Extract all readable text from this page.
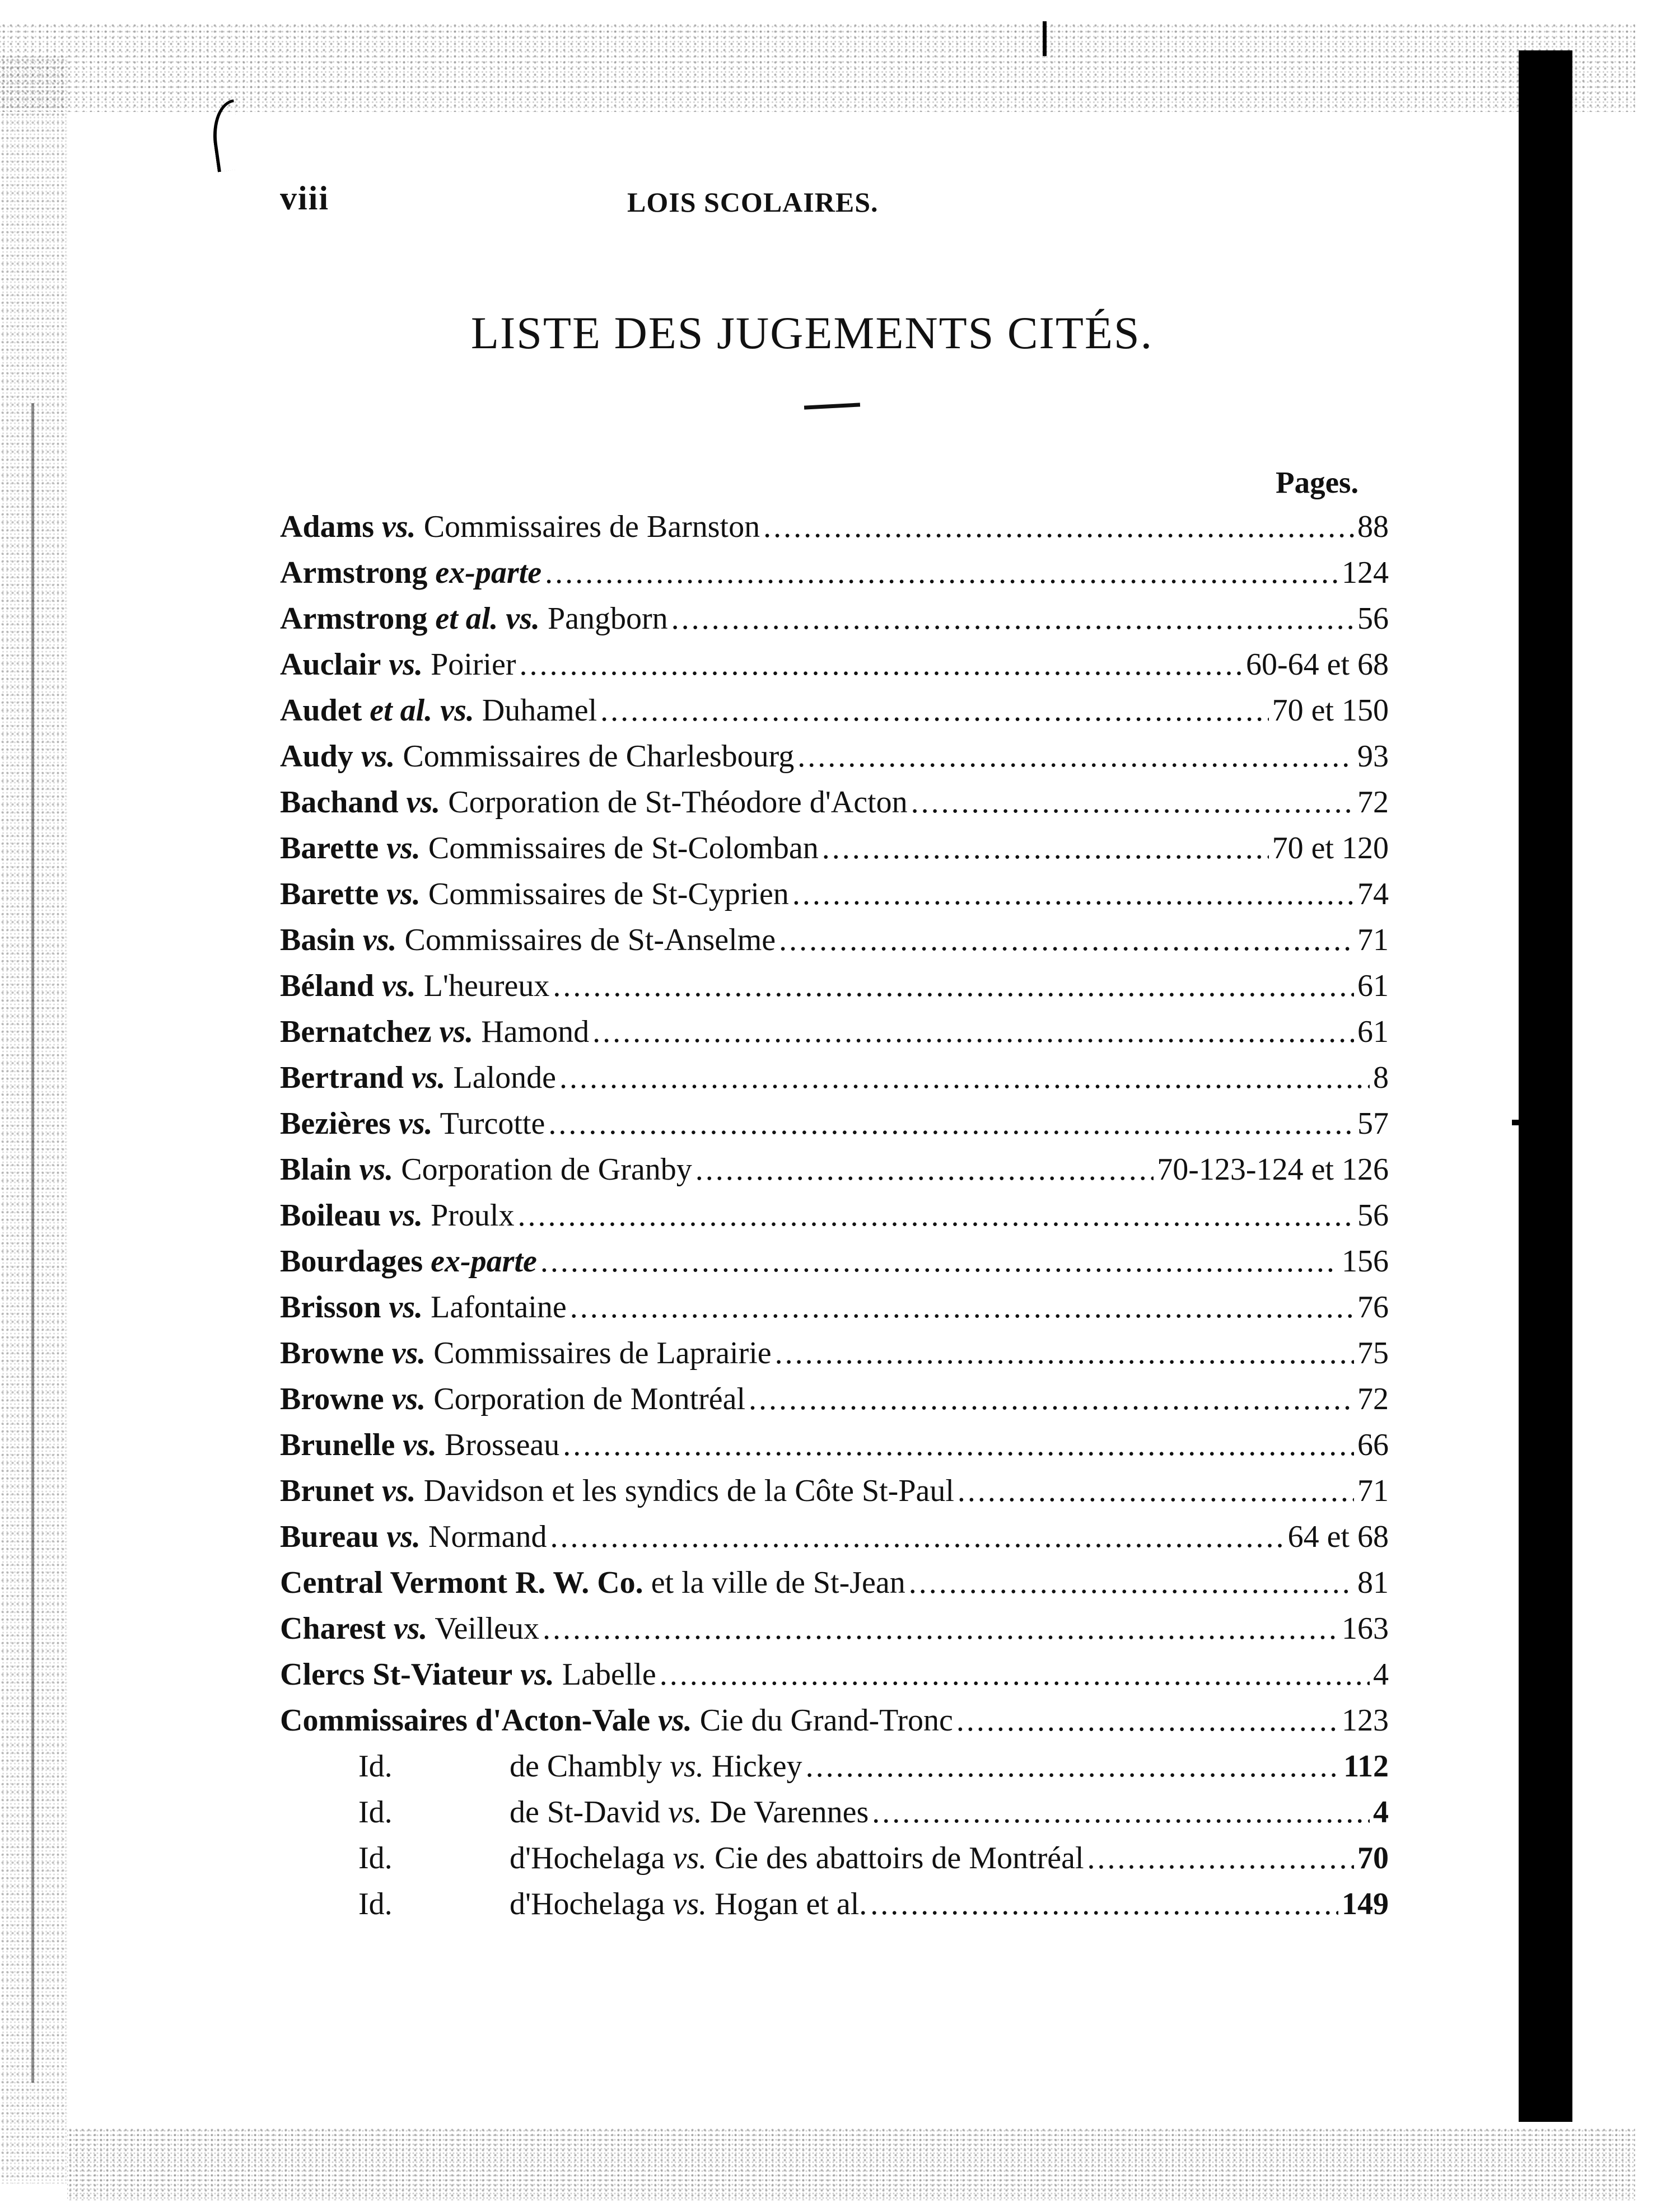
viii	LOIS SCOLAIRES.
LISTE DES JUGEMENTS CITÉS.
Pages.
Adams vs. Commissaires de Barnston .....	88
Armstrong ex-parte .....	124
Armstrong et al. vs. Pangborn .....	56
Auclair vs. Poirier .....	60-64 et 68
Audet et al. vs. Duhamel .....	70 et 150
Audy vs. Commissaires de Charlesbourg .....	93
Bachand vs. Corporation de St-Théodore d'Acton .....	72
Barette vs. Commissaires de St-Colomban .....	70 et 120
Barette vs. Commissaires de St-Cyprien .....	74
Basin vs. Commissaires de St-Anselme .....	71
Béland vs. L'heureux .....	61
Bernatchez vs. Hamond .....	61
Bertrand vs. Lalonde .....	8
Bezières vs. Turcotte .....	57
Blain vs. Corporation de Granby .....	70-123-124 et 126
Boileau vs. Proulx .....	56
Bourdages ex-parte .....	156
Brisson vs. Lafontaine .....	76
Browne vs. Commissaires de Laprairie .....	75
Browne vs. Corporation de Montréal .....	72
Brunelle vs. Brosseau .....	66
Brunet vs. Davidson et les syndics de la Côte St-Paul .....	71
Bureau vs. Normand .....	64 et 68
Central Vermont R. W. Co. et la ville de St-Jean .....	81
Charest vs. Veilleux .....	163
Clercs St-Viateur vs. Labelle .....	4
Commissaires d'Acton-Vale vs. Cie du Grand-Tronc .....	123
Id.	de Chambly vs. Hickey .....	112
Id.	de St-David vs. De Varennes .....	4
Id.	d'Hochelaga vs. Cie des abattoirs de Montréal .....	70
Id.	d'Hochelaga vs. Hogan et al. .....	149
